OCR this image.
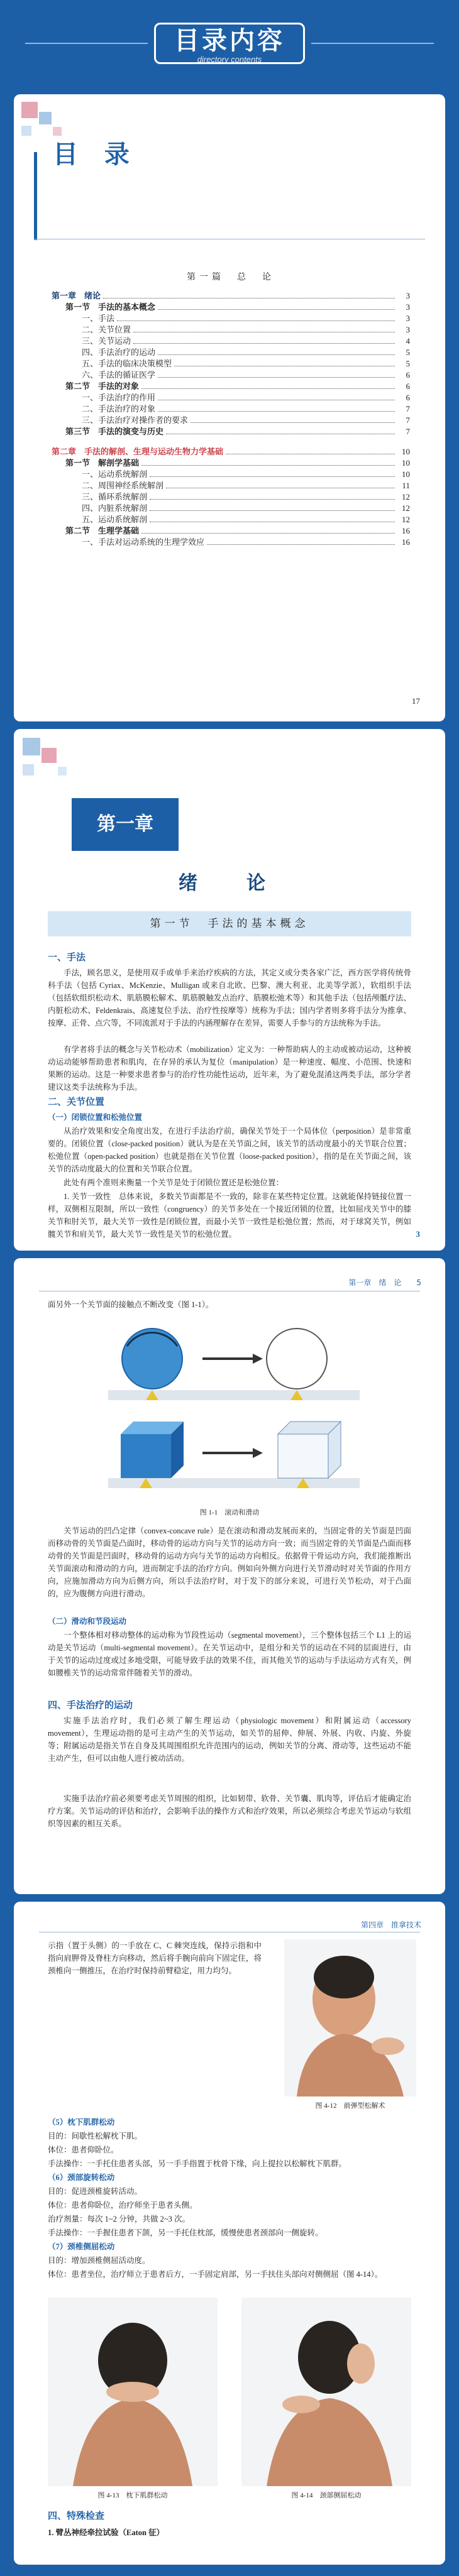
目录内容
directory contents
目 录
第一篇　总　论
第一章　绪论	3
第一节　手法的基本概念	3
一、手法	3
二、关节位置	3
三、关节运动	4
四、手法治疗的运动	5
五、手法的临床决策模型	5
六、手法的循证医学	6
第二节　手法的对象	6
一、手法治疗的作用	6
二、手法治疗的对象	7
三、手法治疗对操作者的要求	7
第三节　手法的演变与历史	7
第二章　手法的解剖、生理与运动生物力学基础	10
第一节　解剖学基础	10
一、运动系统解剖	10
二、周围神经系统解剖	11
三、循环系统解剖	12
四、内脏系统解剖	12
五、运动系统解剖	12
第二节　生理学基础	16
一、手法对运动系统的生理学效应	16
17
第一章
绪　论
第一节　手法的基本概念
一、手法
手法，顾名思义，是使用双手或单手来治疗疾病的方法，其定义或分类各家广泛，西方医学将传统骨科手法（包括 Cyriax、McKenzie、Mulligan 或来自北欧、巴黎、澳大利亚、北美等学派），软组织手法（包括软组织松动术、肌筋膜松解术、肌筋膜触发点治疗、筋膜松弛术等）和其他手法（包括颅骶疗法、内脏松动术、Feldenkrais、高速复位手法、治疗性按摩等）统称为手法；国内学者则多将手法分为推拿、按摩、正骨、点穴等，不同流派对于手法的内涵理解存在差异，需要人手参与的方法统称为手法。
有学者将手法的概念与关节松动术（mobilization）定义为：一种帮助病人的主动或被动运动，这种被动运动能够帮助患者和肌肉，在存异的承认为复位（manipulation）是一种速度、幅度、小范围、快速和果断的运动。这是一种要求患者参与的治疗性功能性运动，近年来，为了避免混淆这两类手法，部分学者建议这类手法统称为手法。
二、关节位置
（一）闭锁位置和松弛位置
从治疗效果和安全角度出发，在进行手法治疗前，确保关节处于一个局体位（perposition）是非常重要的。闭锁位置（close-packed position）就认为是在关节面之间，该关节的活动度最小的关节联合位置；松弛位置（open-packed position）也就是指在关节位置（loose-packed position），指的是在关节面之间，该关节的活动度最大的位置和关节联合位置。
此处有两个准则来衡量一个关节是处于闭锁位置还是松弛位置：
1. 关节一致性　总体来说，多数关节面都是不一致的，除非在某些特定位置。这就能保持链接位置一样，双侧相互限制，所以一致性（congruency）的关节多处在一个接近闭锁的位置，比如屈戌关节中的膝关节和肘关节，最大关节一致性是闭锁位置，而最小关节一致性是松弛位置；然而，对于球窝关节，例如髋关节和肩关节，最大关节一致性是关节的松弛位置。	3
第一章　绪　论　　5
面另外一个关节面的接触点不断改变（图 1-1）。
图 1-1　滚动和滑动
关节运动的凹凸定律（convex-concave rule）是在滚动和滑动发展而来的，当固定骨的关节面是凹面而移动骨的关节面是凸面时，移动骨的运动方向与关节的运动方向一致；而当固定骨的关节面是凸面而移动骨的关节面是凹面时，移动骨的运动方向与关节的运动方向相反。依据骨干骨运动方向，我们能推断出关节面滚动和滑动的方向，进而制定手法的治疗方向。例如向外侧方向进行关节滑动时对关节面的作用方向，应施加滑动方向为后侧方向，所以手法治疗时，对于发下的部分来说，可进行关节松动，对于凸面的，应为腹侧方向进行滑动。
（二）滑动和节段运动
一个整体相对移动整体的运动称为节段性运动（segmental movement），三个整体包括三个 L1 上的运动是关节运动（multi-segmental movement）。在关节运动中，是组分和关节的运动在不同的层面进行，由于关节的运动过度或过多地受限，可能导致手法的效果不佳，而其他关节的运动与手法运动方式有关，例如腰椎关节的运动常常伴随着关节的滑动。
四、手法治疗的运动
实施手法治疗时，我们必须了解生理运动（physiologic movement）和附属运动（accessory movement），生理运动指的是可主动产生的关节运动，如关节的屈伸、伸展、外展、内收、内旋、外旋等；附属运动是指关节在自身及其周围组织允许范围内的运动，例如关节的分离、滑动等，这些运动不能主动产生，但可以由他人进行被动活动。
实施手法治疗前必须要考虑关节周围的组织，比如韧带、软骨、关节囊、肌肉等，评估后才能确定治疗方案。关节运动的评估和治疗，会影响手法的操作方式和治疗效果，所以必须综合考虑关节运动与软组织等因素的相互关系。
第四章　推拿技术
示指（置于头侧）的一手放在 C、C 棘突连线，保持示指和中指向肩胛骨及脊柱方向移动，然后将手腕向前向下固定住，将颈椎向一侧推压，在治疗时保持前臂稳定，用力均匀。
图 4-12　前弹型松解术
（5）枕下肌群松动
目的：间歇性松解枕下肌。
体位：患者仰卧位。
手法操作：一手托住患者头部，另一手手指置于枕骨下缘，向上提拉以松解枕下肌群。
（6）颈部旋转松动
目的：促进颈椎旋转活动。
体位：患者仰卧位，治疗师坐于患者头侧。
治疗剂量：每次 1~2 分钟，共做 2~3 次。
手法操作：一手握住患者下颌，另一手托住枕部，缓慢使患者颈部向一侧旋转。
（7）颈椎侧屈松动
目的：增加颈椎侧屈活动度。
体位：患者坐位，治疗师立于患者后方，一手固定肩部，另一手扶住头部向对侧侧屈（图 4-14）。
图 4-13　枕下肌群松动	图 4-14　颈部侧屈松动
四、特殊检查
1. 臂丛神经牵拉试验（Eaton 征）
